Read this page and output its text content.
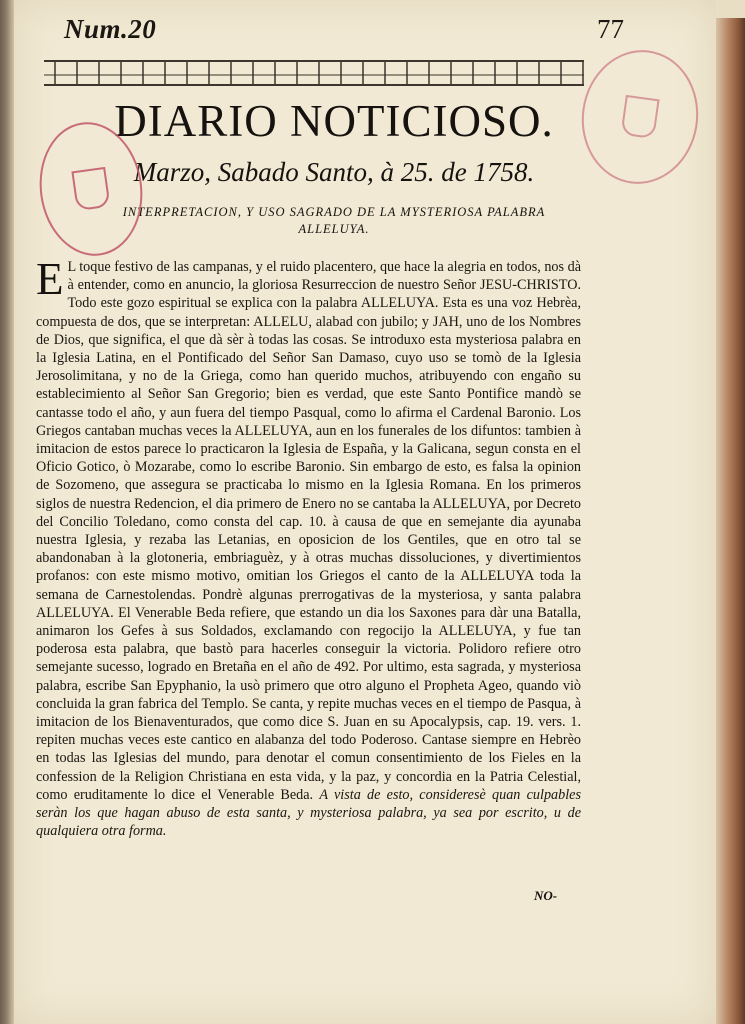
Num.20	77
DIARIO NOTICIOSO.
Marzo, Sabado Santo, à 25. de 1758.
INTERPRETACION, Y USO SAGRADO DE LA MYSTERIOSA PALABRA
ALLELUYA.

E L toque festivo de las campanas, y el ruido placentero, que hace la alegria en todos, nos dà à entender, como en anuncio, la gloriosa Resurreccion de nuestro Señor JESU-CHRISTO. Todo este gozo espiritual se explica con la palabra ALLELUYA. Esta es una voz Hebrèa, compuesta de dos, que se interpretan: ALLELU, alabad con jubilo; y JAH, uno de los Nombres de Dios, que significa, el que dà sèr à todas las cosas. Se introduxo esta mysteriosa palabra en la Iglesia Latina, en el Pontificado del Señor San Damaso, cuyo uso se tomò de la Iglesia Jerosolimitana, y no de la Griega, como han querido muchos, atribuyendo con engaño su establecimiento al Señor San Gregorio; bien es verdad, que este Santo Pontifice mandò se cantasse todo el año, y aun fuera del tiempo Pasqual, como lo afirma el Cardenal Baronio. Los Griegos cantaban muchas veces la ALLELUYA, aun en los funerales de los difuntos: tambien à imitacion de estos parece lo practicaron la Iglesia de España, y la Galicana, segun consta en el Oficio Gotico, ò Mozarabe, como lo escribe Baronio. Sin embargo de esto, es falsa la opinion de Sozomeno, que assegura se practicaba lo mismo en la Iglesia Romana. En los primeros siglos de nuestra Redencion, el dia primero de Enero no se cantaba la ALLELUYA, por Decreto del Concilio Toledano, como consta del cap. 10. à causa de que en semejante dia ayunaba nuestra Iglesia, y rezaba las Letanias, en oposicion de los Gentiles, que en otro tal se abandonaban à la glotoneria, embriaguèz, y à otras muchas dissoluciones, y divertimientos profanos: con este mismo motivo, omitian los Griegos el canto de la ALLELUYA toda la semana de Carnestolendas. Pondrè algunas prerrogativas de la mysteriosa, y santa palabra ALLELUYA. El Venerable Beda refiere, que estando un dia los Saxones para dàr una Batalla, animaron los Gefes à sus Soldados, exclamando con regocijo la ALLELUYA, y fue tan poderosa esta palabra, que bastò para hacerles conseguir la victoria. Polidoro refiere otro semejante sucesso, logrado en Bretaña en el año de 492. Por ultimo, esta sagrada, y mysteriosa palabra, escribe San Epyphanio, la usò primero que otro alguno el Propheta Ageo, quando viò concluida la gran fabrica del Templo. Se canta, y repite muchas veces en el tiempo de Pasqua, à imitacion de los Bienaventurados, que como dice S. Juan en su Apocalypsis, cap. 19. vers. 1. repiten muchas veces este cantico en alabanza del todo Poderoso. Cantase siempre en Hebrèo en todas las Iglesias del mundo, para denotar el comun consentimiento de los Fieles en la confession de la Religion Christiana en esta vida, y la paz, y concordia en la Patria Celestial, como eruditamente lo dice el Venerable Beda. A vista de esto, consideresè quan culpables seràn los que hagan abuso de esta santa, y mysteriosa palabra, ya sea por escrito, u de qualquiera otra forma.

NO-
